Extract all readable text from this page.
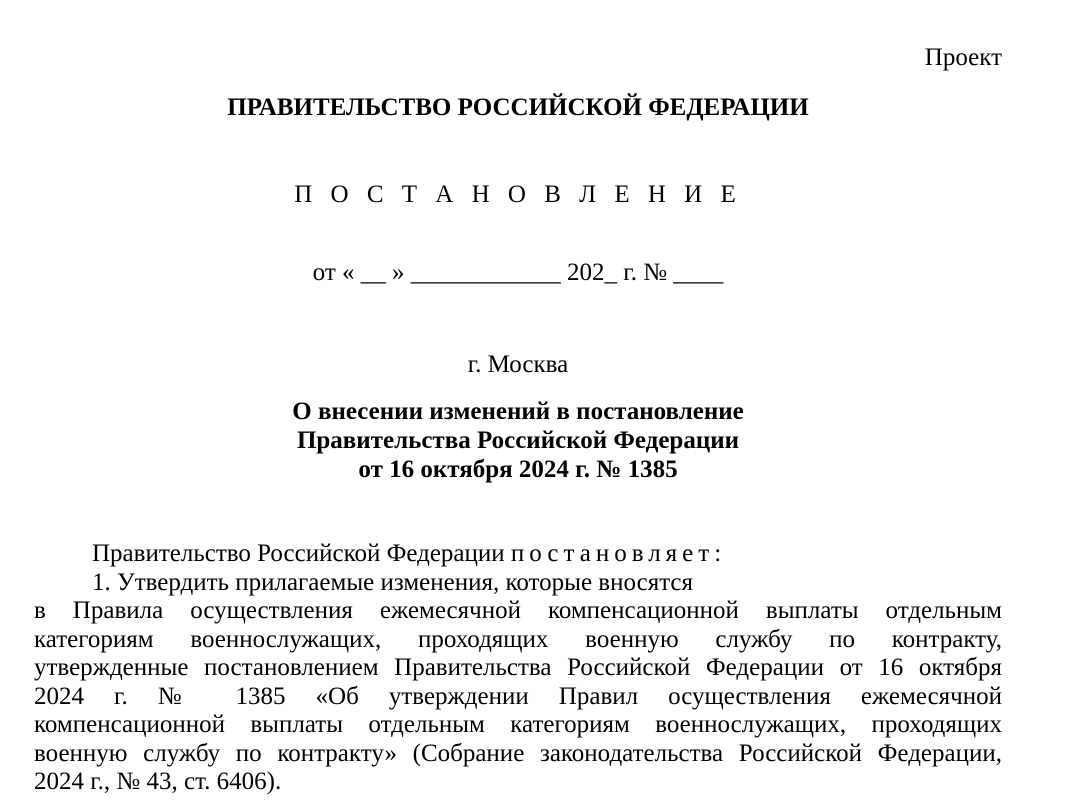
Проект
ПРАВИТЕЛЬСТВО РОССИЙСКОЙ ФЕДЕРАЦИИ
П О С Т А Н О В Л Е Н И Е
от « __ » ____________ 202_ г. № ____
г. Москва
О внесении изменений в постановление
Правительства Российской Федерации
от 16 октября 2024 г. № 1385
Правительство Российской Федерации постановляет:
1. Утвердить прилагаемые изменения, которые вносятся
в Правила осуществления ежемесячной компенсационной выплаты отдельным
категориям военнослужащих, проходящих военную службу по контракту,
утвержденные постановлением Правительства Российской Федерации от 16 октября
2024 г. № 1385 «Об утверждении Правил осуществления ежемесячной
компенсационной выплаты отдельным категориям военнослужащих, проходящих
военную службу по контракту» (Собрание законодательства Российской Федерации,
2024 г., № 43, ст. 6406).
